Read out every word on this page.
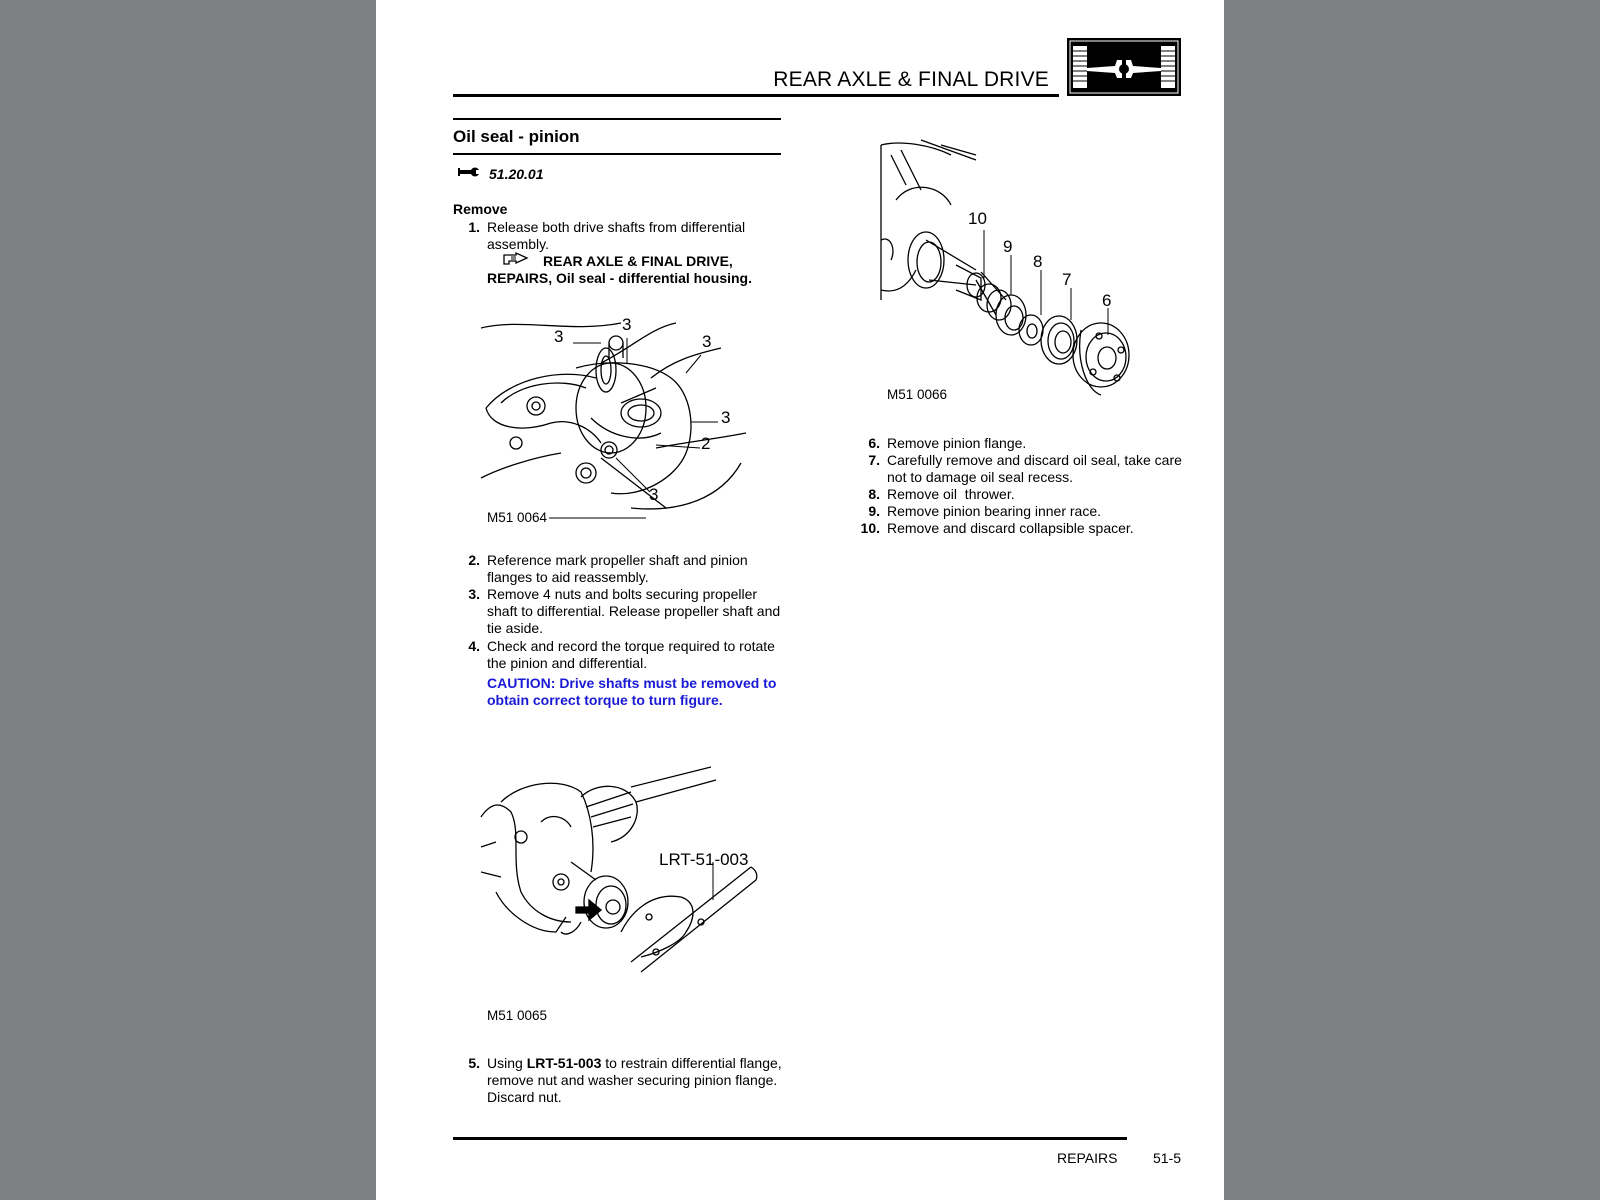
REAR AXLE & FINAL DRIVE
Oil seal - pinion
51.20.01
Remove
1. Release both drive shafts from differential assembly.
REAR AXLE & FINAL DRIVE, REPAIRS, Oil seal - differential housing.
3
3
3
3
2
3
M51 0064
2. Reference mark propeller shaft and pinion flanges to aid reassembly.
3. Remove 4 nuts and bolts securing propeller shaft to differential. Release propeller shaft and tie aside.
4. Check and record the torque required to rotate the pinion and differential.
CAUTION: Drive shafts must be removed to obtain correct torque to turn figure.
LRT-51-003
M51 0065
5. Using LRT-51-003 to restrain differential flange, remove nut and washer securing pinion flange. Discard nut.
10
9
8
7
6
M51 0066
6. Remove pinion flange.
7. Carefully remove and discard oil seal, take care not to damage oil seal recess.
8. Remove oil  thrower.
9. Remove pinion bearing inner race.
10. Remove and discard collapsible spacer.
REPAIRS	51-5
